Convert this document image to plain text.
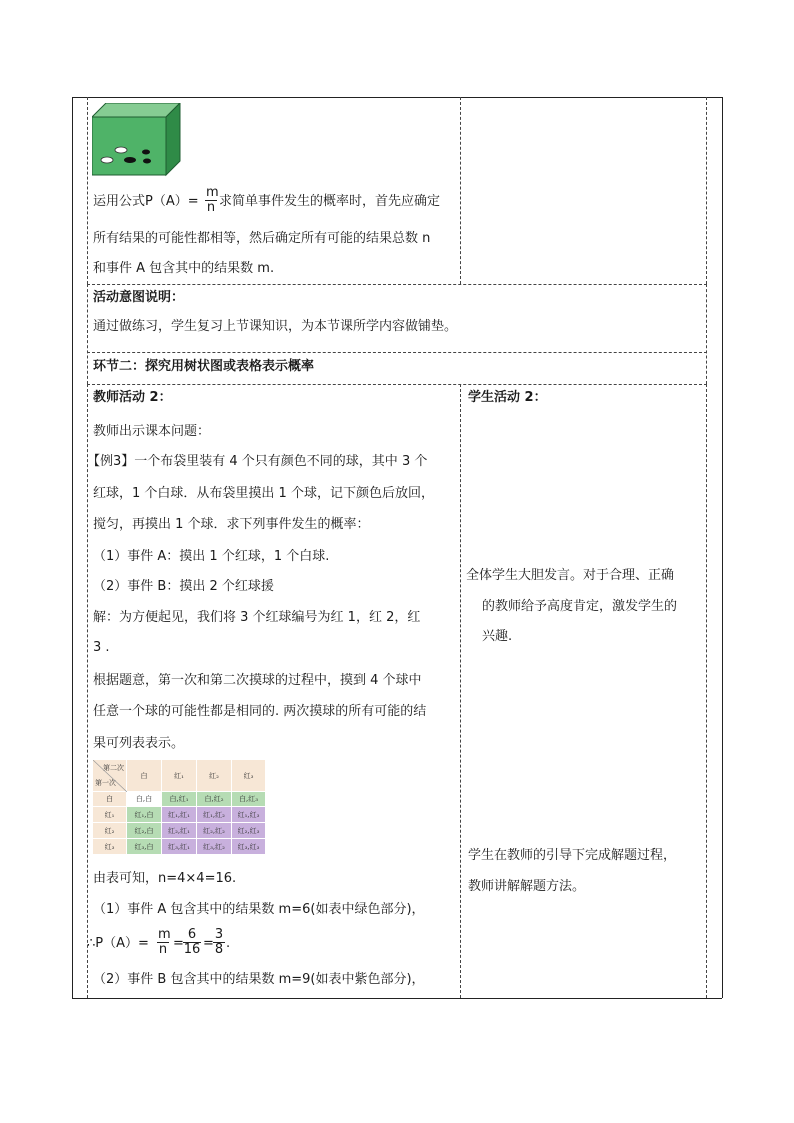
运用公式$P(A)= \frac{m}{n}$ 求简单事件发生的概率时，首先应确定
所有结果的可能性都相等，然后确定所有可能的结果总数 n
和事件 A 包含其中的结果数 m.
活动意图说明：
通过做练习，学生复习上节课知识，为本节课所学内容做铺垫。
环节二：探究用树状图或表格表示概率
教师活动 2：
教师出示课本问题：
【例3】一个布袋里装有 4 个只有颜色不同的球，其中 3 个
红球，1 个白球．从布袋里摸出 1 个球，记下颜色后放回，
搅匀，再摸出 1 个球．求下列事件发生的概率：
（1）事件 A：摸出 1 个红球，1 个白球.
（2）事件 B：摸出 2 个红球援
解：为方便起见，我们将 3 个红球编号为红 1，红 2，红
3 .
根据题意，第一次和第二次摸球的过程中，摸到 4 个球中
任意一个球的可能性都是相同的. 两次摸球的所有可能的结
果可列表表示。
第二次
第一次
白	红₁	红₂	红₃
白	白,白	白,红₁	白,红₂	白,红₃
红₁	红₁,白	红₁,红₁	红₁,红₂	红₁,红₃
红₂	红₂,白	红₂,红₁	红₂,红₂	红₂,红₃
红₃	红₃,白	红₃,红₁	红₃,红₂	红₃,红₃
由表可知，n=4×4=16.
（1）事件 A 包含其中的结果数 m=6(如表中绿色部分)，
∴P（A）= $\frac{m}{n} = \frac{6}{16} = \frac{3}{8}$ .
（2）事件 B 包含其中的结果数 m=9(如表中紫色部分)，
学生活动 2：
全体学生大胆发言。对于合理、正确
的教师给予高度肯定，激发学生的
兴趣.
学生在教师的引导下完成解题过程，
教师讲解解题方法。
